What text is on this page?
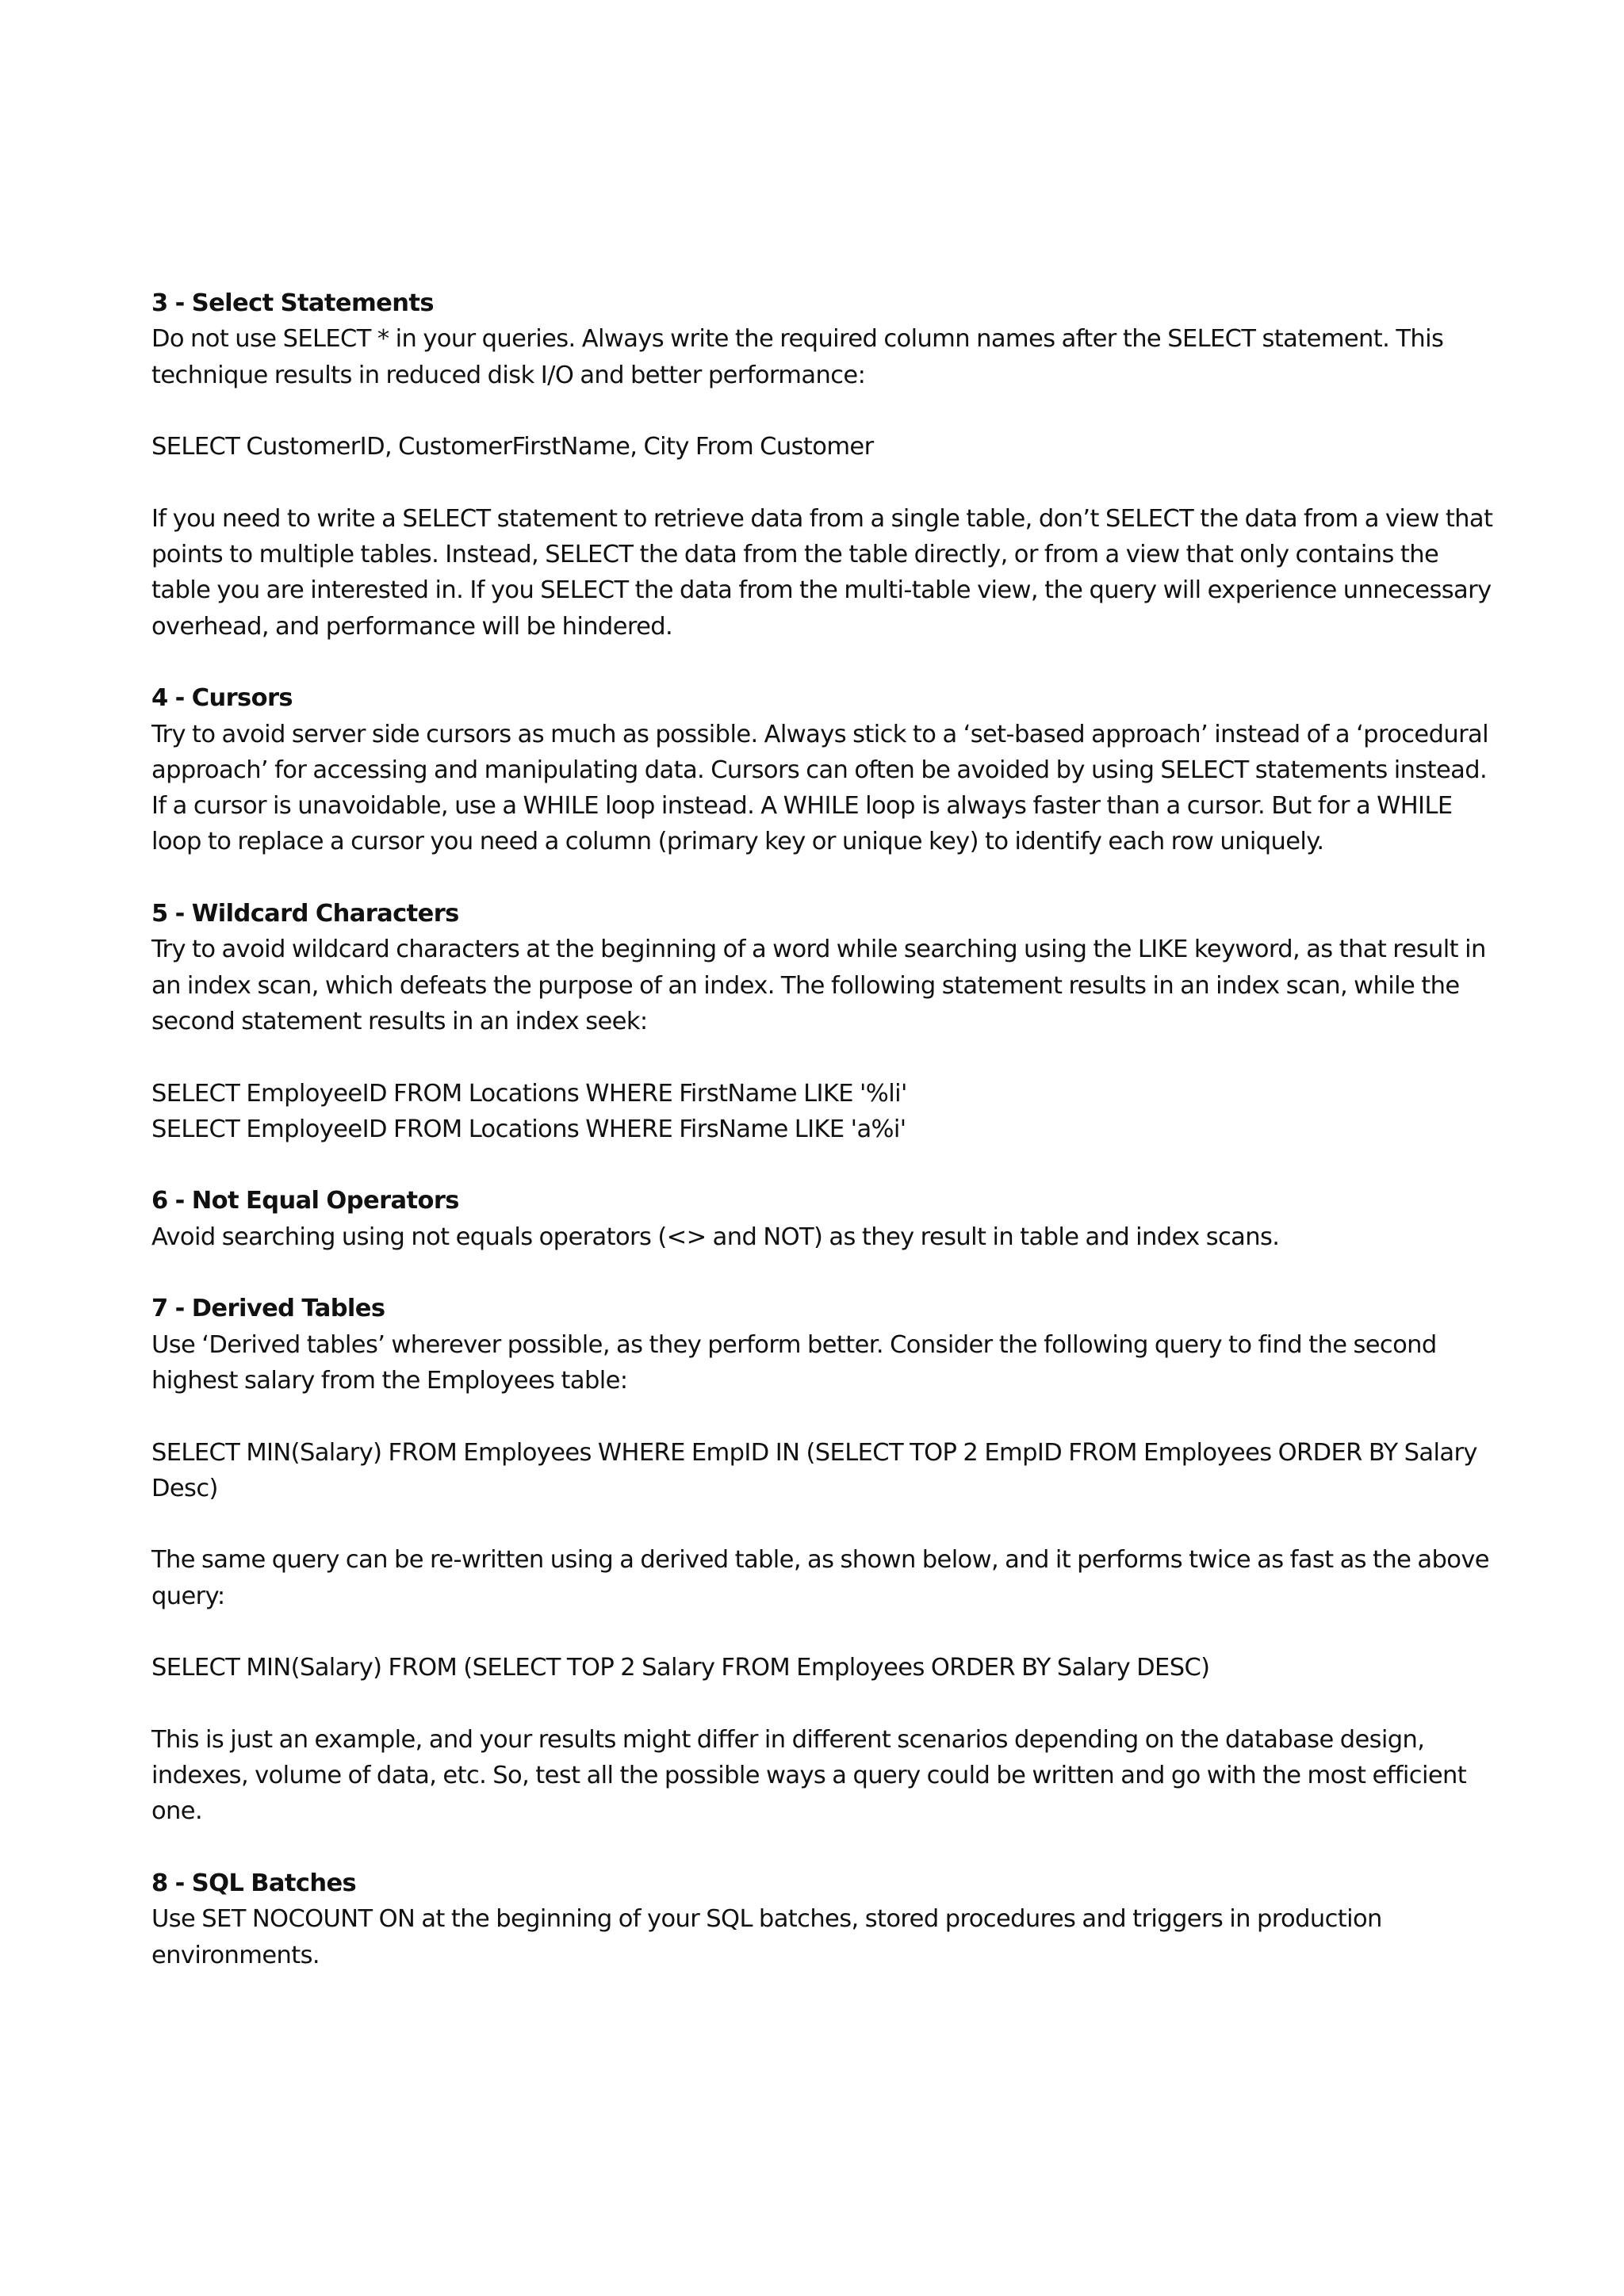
3 - Select Statements

Do not use SELECT * in your queries. Always write the required column names after the SELECT statement. This technique results in reduced disk I/O and better performance:

SELECT CustomerID, CustomerFirstName, City From Customer

If you need to write a SELECT statement to retrieve data from a single table, don’t SELECT the data from a view that points to multiple tables. Instead, SELECT the data from the table directly, or from a view that only contains the table you are interested in. If you SELECT the data from the multi-table view, the query will experience unnecessary overhead, and performance will be hindered.

4 - Cursors

Try to avoid server side cursors as much as possible. Always stick to a ‘set-based approach’ instead of a ‘procedural approach’ for accessing and manipulating data. Cursors can often be avoided by using SELECT statements instead.

If a cursor is unavoidable, use a WHILE loop instead. A WHILE loop is always faster than a cursor. But for a WHILE loop to replace a cursor you need a column (primary key or unique key) to identify each row uniquely.

5 - Wildcard Characters

Try to avoid wildcard characters at the beginning of a word while searching using the LIKE keyword, as that result in an index scan, which defeats the purpose of an index. The following statement results in an index scan, while the second statement results in an index seek:

SELECT EmployeeID FROM Locations WHERE FirstName LIKE '%li'

SELECT EmployeeID FROM Locations WHERE FirsName LIKE 'a%i'

6 - Not Equal Operators

Avoid searching using not equals operators (<> and NOT) as they result in table and index scans.

7 - Derived Tables

Use ‘Derived tables’ wherever possible, as they perform better. Consider the following query to find the second highest salary from the Employees table:

SELECT MIN(Salary) FROM Employees WHERE EmpID IN (SELECT TOP 2 EmpID FROM Employees ORDER BY Salary Desc)

The same query can be re-written using a derived table, as shown below, and it performs twice as fast as the above query:

SELECT MIN(Salary) FROM (SELECT TOP 2 Salary FROM Employees ORDER BY Salary DESC)

This is just an example, and your results might differ in different scenarios depending on the database design, indexes, volume of data, etc. So, test all the possible ways a query could be written and go with the most efficient one.

8 - SQL Batches

Use SET NOCOUNT ON at the beginning of your SQL batches, stored procedures and triggers in production environments.
